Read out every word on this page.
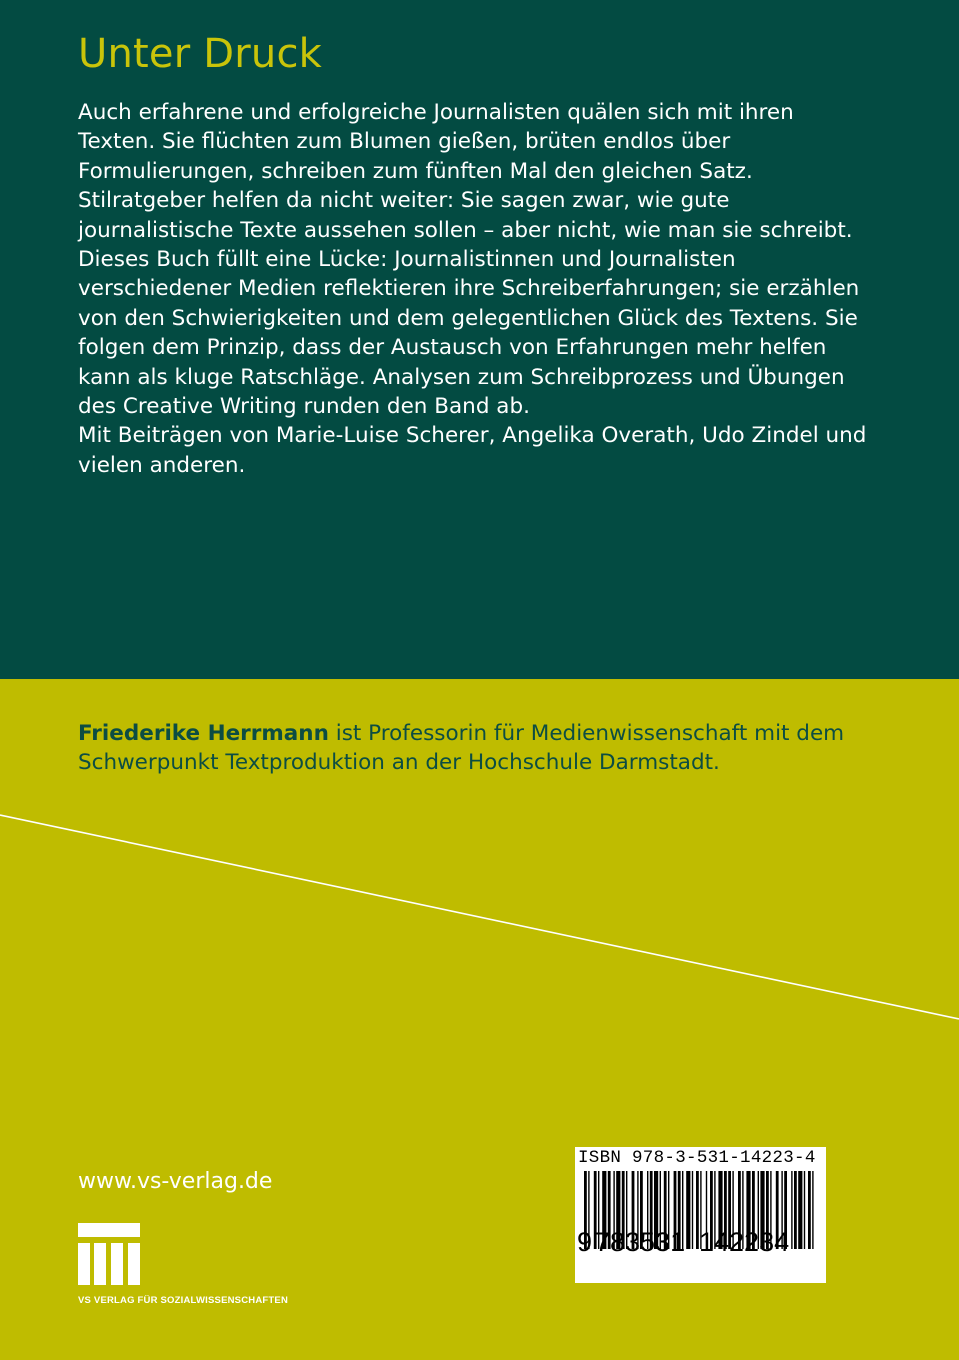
Unter Druck

Auch erfahrene und erfolgreiche Journalisten quälen sich mit ihren Texten. Sie flüchten zum Blumen gießen, brüten endlos über Formulierungen, schreiben zum fünften Mal den gleichen Satz. Stilratgeber helfen da nicht weiter: Sie sagen zwar, wie gute journalistische Texte aussehen sollen – aber nicht, wie man sie schreibt.

Dieses Buch füllt eine Lücke: Journalistinnen und Journalisten verschiedener Medien reflektieren ihre Schreiberfahrungen; sie erzählen von den Schwierigkeiten und dem gelegentlichen Glück des Textens. Sie folgen dem Prinzip, dass der Austausch von Erfahrungen mehr helfen kann als kluge Ratschläge. Analysen zum Schreibprozess und Übungen des Creative Writing runden den Band ab.

Mit Beiträgen von Marie-Luise Scherer, Angelika Overath, Udo Zindel und vielen anderen.

Friederike Herrmann ist Professorin für Medienwissenschaft mit dem Schwerpunkt Textproduktion an der Hochschule Darmstadt.

www.vs-verlag.de

VS VERLAG FÜR SOZIALWISSENSCHAFTEN
ISBN 978-3-531-14223-4
9 783531 142234
